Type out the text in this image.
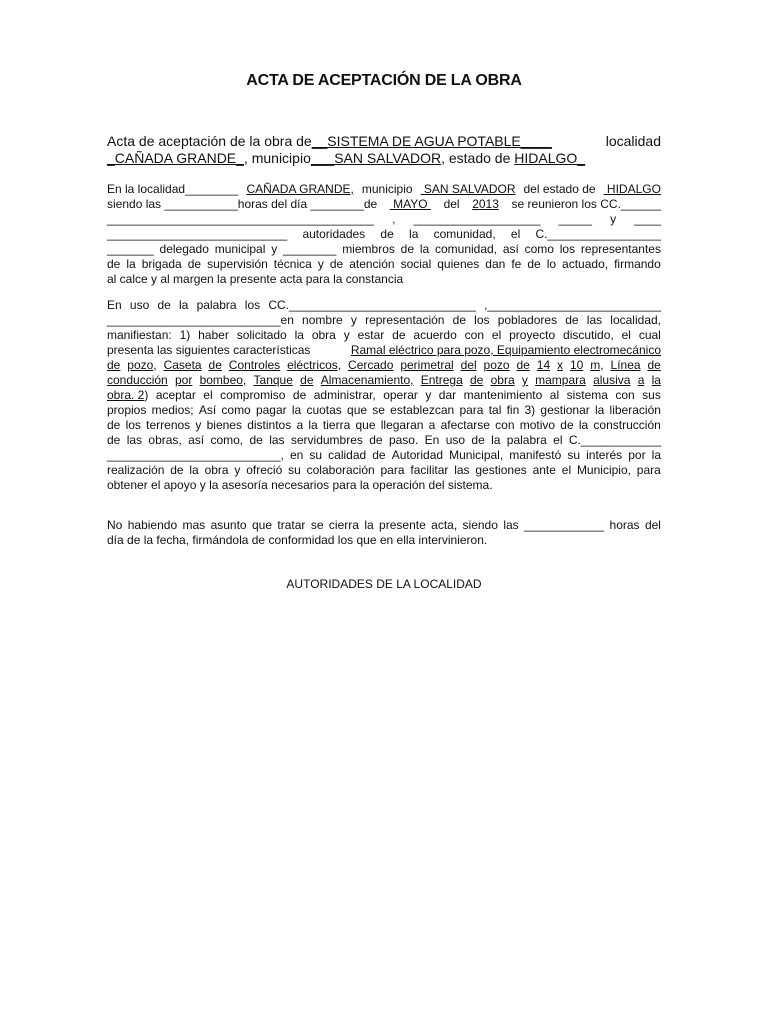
ACTA DE ACEPTACIÓN DE LA OBRA
Acta de aceptación de la obra de __SISTEMA DE AGUA POTABLE____	localidad
_CAÑADA GRANDE_ , municipio ___SAN SALVADOR , estado de
HIDALGO_
En la localidad________ CAÑADA GRANDE, municipio SAN SALVADOR del estado de HIDALGO
siendo las ___________horas del día ________de MAYO del 2013 se reunieron los CC.______
________________________________________ , ___________________ _____ y ____
___________________________ autoridades de la comunidad, el C._________________
_______ delegado municipal y ________ miembros de la comunidad, así como los representantes
de la brigada de supervisión técnica y de atención social quienes dan fe de lo actuado, firmando
al calce y al margen la presente acta para la constancia
En uso de la palabra los CC.____________________________ ,__________________________
__________________________en nombre y representación de los pobladores de las localidad,
manifiestan: 1) haber solicitado la obra y estar de acuerdo con el proyecto discutido, el cual
presenta las siguientes características	Ramal eléctrico para pozo, Equipamiento electromecánico
de pozo, Caseta de Controles eléctricos, Cercado perimetral del pozo de 14 x 10 m, Línea de
conducción por bombeo, Tanque de Almacenamiento, Entrega de obra y mampara alusiva a la
obra. 2 ) aceptar el compromiso de administrar, operar y dar mantenimiento al sistema con sus
propios medios; Así como pagar la cuotas que se establezcan para tal fin 3) gestionar la liberación
de los terrenos y bienes distintos a la tierra que llegaran a afectarse con motivo de la construcción
de las obras, así como, de las servidumbres de paso. En uso de la palabra el C.____________
__________________________, en su calidad de Autoridad Municipal, manifestó su interés por la
realización de la obra y ofreció su colaboración para facilitar las gestiones ante el Municipio, para
obtener el apoyo y la asesoría necesarios para la operación del sistema.
No habiendo mas asunto que tratar se cierra la presente acta, siendo las ____________ horas del
día de la fecha, firmándola de conformidad los que en ella intervinieron.
AUTORIDADES DE LA LOCALIDAD
